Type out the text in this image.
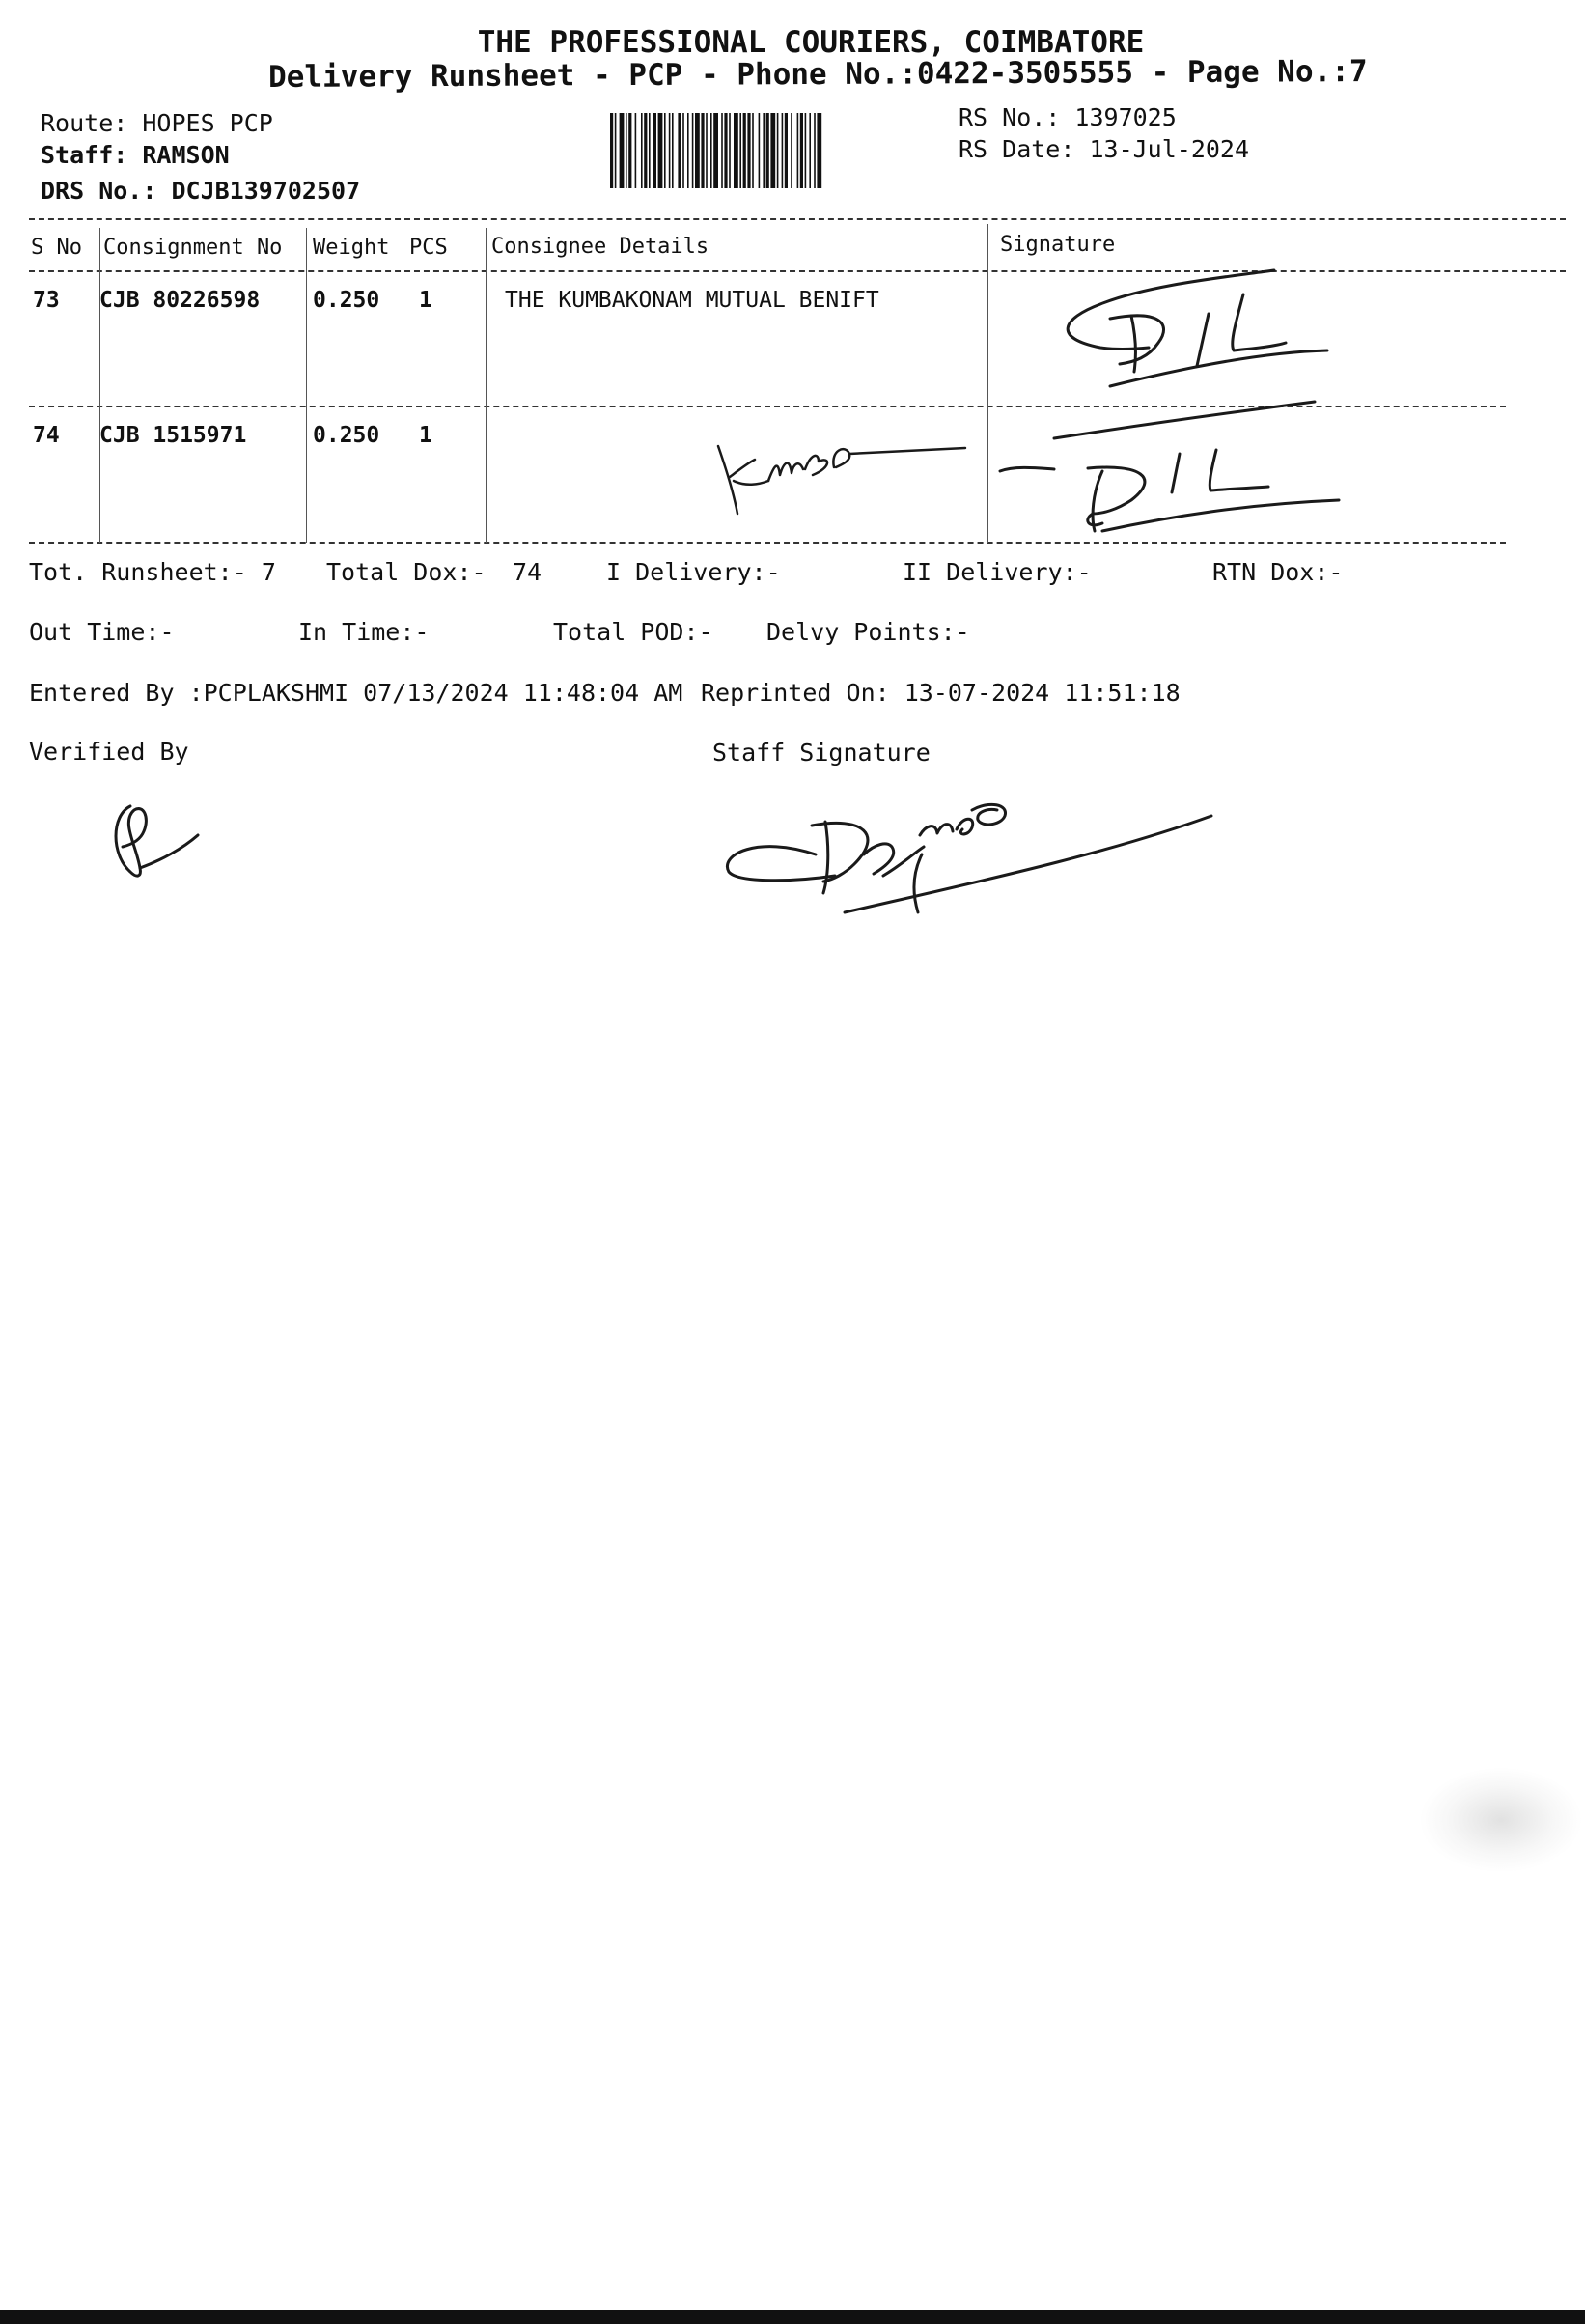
THE PROFESSIONAL COURIERS, COIMBATORE
Delivery Runsheet - PCP - Phone No.:0422-3505555 - Page No.:7
Route: HOPES PCP
Staff: RAMSON
DRS No.: DCJB139702507
RS No.: 1397025
RS Date: 13-Jul-2024
S No Consignment No Weight PCS Consignee Details	Signature
73 CJB 80226598 0.250 1	THE KUMBAKONAM MUTUAL BENIFT
74 CJB 1515971	0.250 1
Tot. Runsheet:- 7 Total Dox:- 74	I Delivery:-	II Delivery:-	RTN Dox:-
Out Time:-	In Time:-	Total POD:- Delvy Points:-
Entered By :PCPLAKSHMI 07/13/2024 11:48:04 AM Reprinted On: 13-07-2024 11:51:18
Verified By	Staff Signature
